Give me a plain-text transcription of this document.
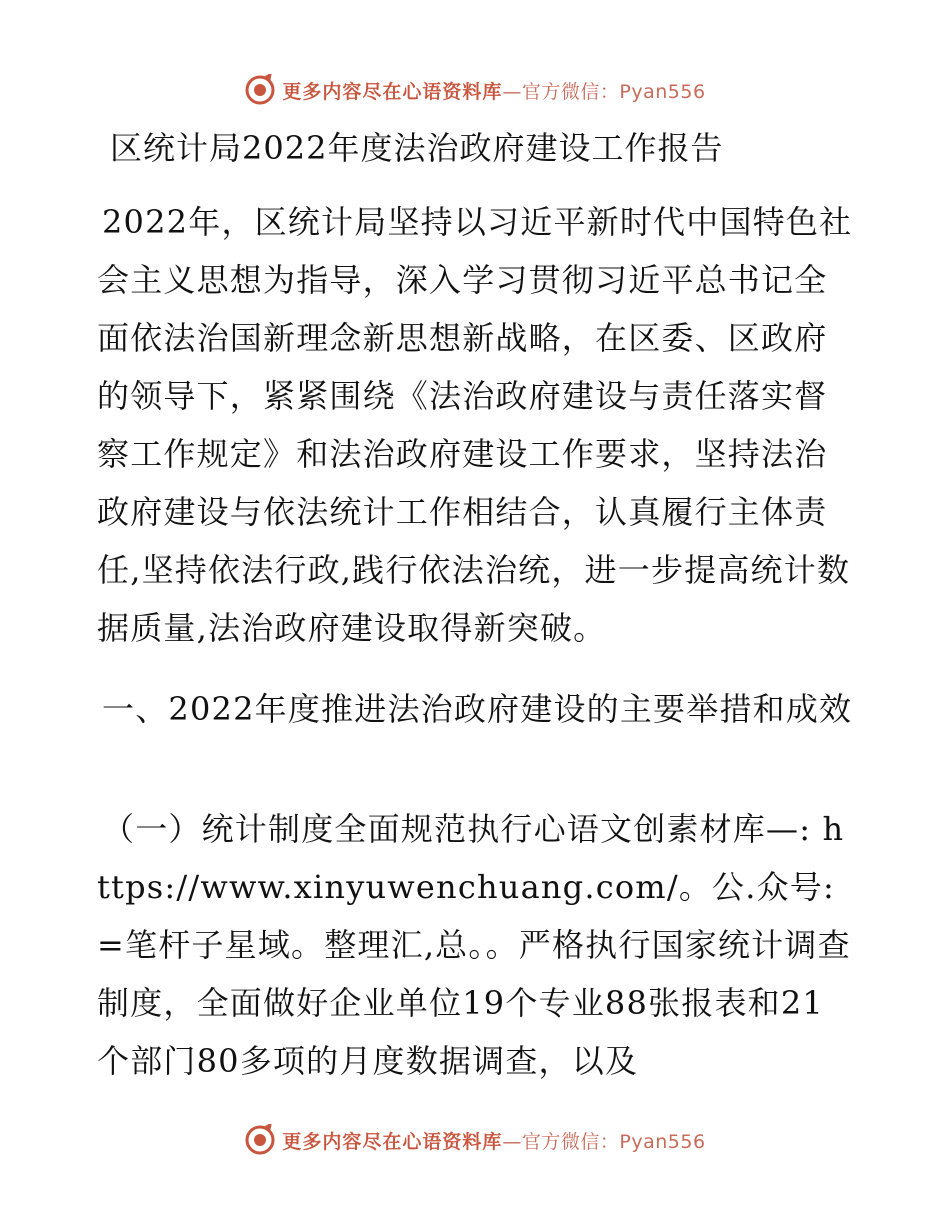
更多内容尽在心语资料库 —官方微信：Pyan556
区统计局2022年度法治政府建设工作报告

2022年，区统计局坚持以习近平新时代中国特色社会主义思想为指导，深入学习贯彻习近平总书记全面依法治国新理念新思想新战略，在区委、区政府的领导下，紧紧围绕《法治政府建设与责任落实督察工作规定》和法治政府建设工作要求，坚持法治政府建设与依法统计工作相结合，认真履行主体责任,坚持依法行政,践行依法治统，进一步提高统计数据质量,法治政府建设取得新突破。

一、2022年度推进法治政府建设的主要举措和成效

（一）统计制度全面规范执行心语文创素材库—: https://www.xinyuwenchuang.com/。公.众号: =笔杆子星域。整理汇,总。。严格执行国家统计调查制度，全面做好企业单位19个专业88张报表和21个部门80多项的月度数据调查，以及

更多内容尽在心语资料库 —官方微信：Pyan556
